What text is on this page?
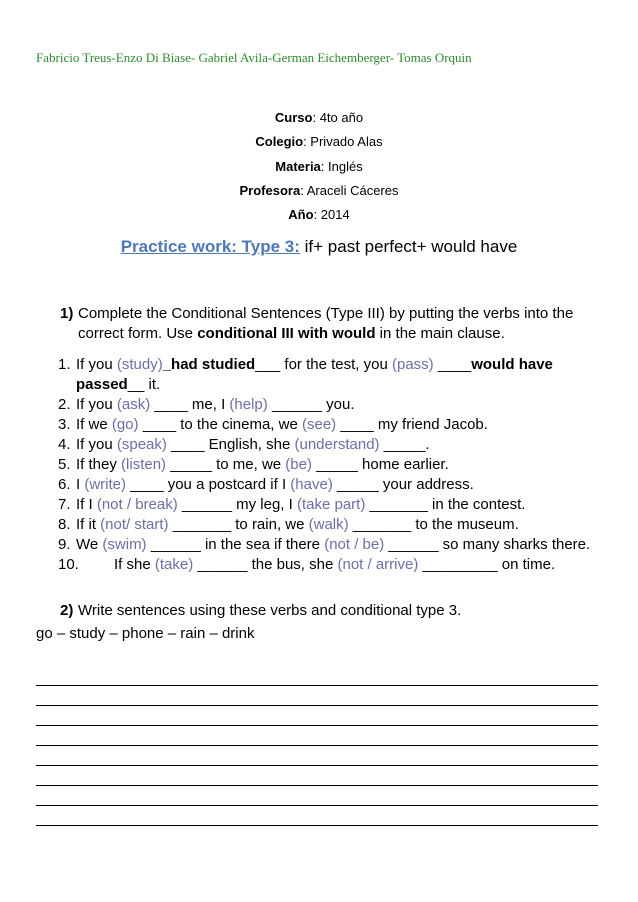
Fabricio Treus-Enzo Di Biase- Gabriel Avila-German Eichemberger- Tomas Orquin
Curso: 4to año
Colegio: Privado Alas
Materia: Inglés
Profesora: Araceli Cáceres
Año: 2014
Practice work: Type 3: if+ past perfect+ would have
1) Complete the Conditional Sentences (Type III) by putting the verbs into the correct form. Use conditional III with would in the main clause.
1. If you (study)_had studied___ for the test, you (pass) ____would have passed__ it.
2. If you (ask) ____ me, I (help) ______ you.
3. If we (go) ____ to the cinema, we (see) ____ my friend Jacob.
4. If you (speak) ____ English, she (understand) _____.
5. If they (listen) _____ to me, we (be) _____ home earlier.
6. I (write) ____ you a postcard if I (have) _____ your address.
7. If I (not / break) ______ my leg, I (take part) _______ in the contest.
8. If it (not/ start) _______ to rain, we (walk) _______ to the museum.
9. We (swim) ______ in the sea if there (not / be) ______ so many sharks there.
10. If she (take) ______ the bus, she (not / arrive) _________ on time.
2) Write sentences using these verbs and conditional type 3.
go – study – phone – rain – drink
